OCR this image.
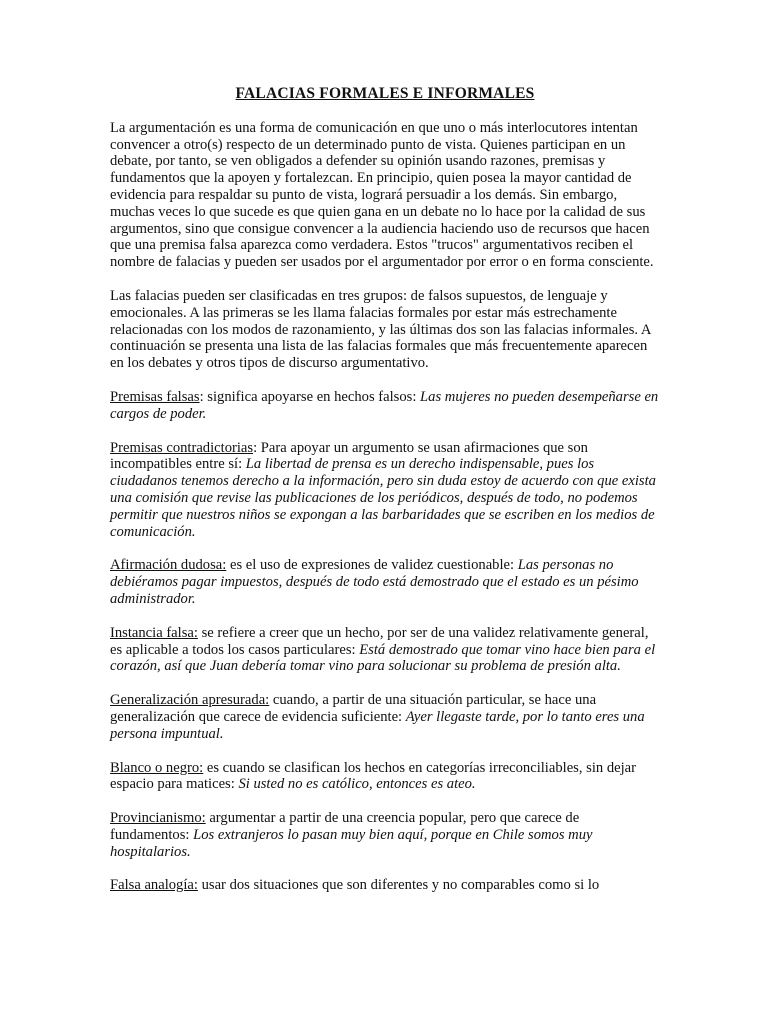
FALACIAS FORMALES E INFORMALES

La argumentación es una forma de comunicación en que uno o más interlocutores intentan convencer a otro(s) respecto de un determinado punto de vista. Quienes participan en un debate, por tanto, se ven obligados a defender su opinión usando razones, premisas y fundamentos que la apoyen y fortalezcan. En principio, quien posea la mayor cantidad de evidencia para respaldar su punto de vista, logrará persuadir a los demás. Sin embargo, muchas veces lo que sucede es que quien gana en un debate no lo hace por la calidad de sus argumentos, sino que consigue convencer a la audiencia haciendo uso de recursos que hacen que una premisa falsa aparezca como verdadera. Estos "trucos" argumentativos reciben el nombre de falacias y pueden ser usados por el argumentador por error o en forma consciente.

Las falacias pueden ser clasificadas en tres grupos: de falsos supuestos, de lenguaje y emocionales. A las primeras se les llama falacias formales por estar más estrechamente relacionadas con los modos de razonamiento, y las últimas dos son las falacias informales. A continuación se presenta una lista de las falacias formales que más frecuentemente aparecen en los debates y otros tipos de discurso argumentativo.

Premisas falsas: significa apoyarse en hechos falsos: Las mujeres no pueden desempeñarse en cargos de poder.

Premisas contradictorias: Para apoyar un argumento se usan afirmaciones que son incompatibles entre sí: La libertad de prensa es un derecho indispensable, pues los ciudadanos tenemos derecho a la información, pero sin duda estoy de acuerdo con que exista una comisión que revise las publicaciones de los periódicos, después de todo, no podemos permitir que nuestros niños se expongan a las barbaridades que se escriben en los medios de comunicación.

Afirmación dudosa: es el uso de expresiones de validez cuestionable: Las personas no debiéramos pagar impuestos, después de todo está demostrado que el estado es un pésimo administrador.

Instancia falsa: se refiere a creer que un hecho, por ser de una validez relativamente general, es aplicable a todos los casos particulares: Está demostrado que tomar vino hace bien para el corazón, así que Juan debería tomar vino para solucionar su problema de presión alta.

Generalización apresurada: cuando, a partir de una situación particular, se hace una generalización que carece de evidencia suficiente: Ayer llegaste tarde, por lo tanto eres una persona impuntual.

Blanco o negro: es cuando se clasifican los hechos en categorías irreconciliables, sin dejar espacio para matices: Si usted no es católico, entonces es ateo.

Provincianismo: argumentar a partir de una creencia popular, pero que carece de fundamentos: Los extranjeros lo pasan muy bien aquí, porque en Chile somos muy hospitalarios.

Falsa analogía: usar dos situaciones que son diferentes y no comparables como si lo
